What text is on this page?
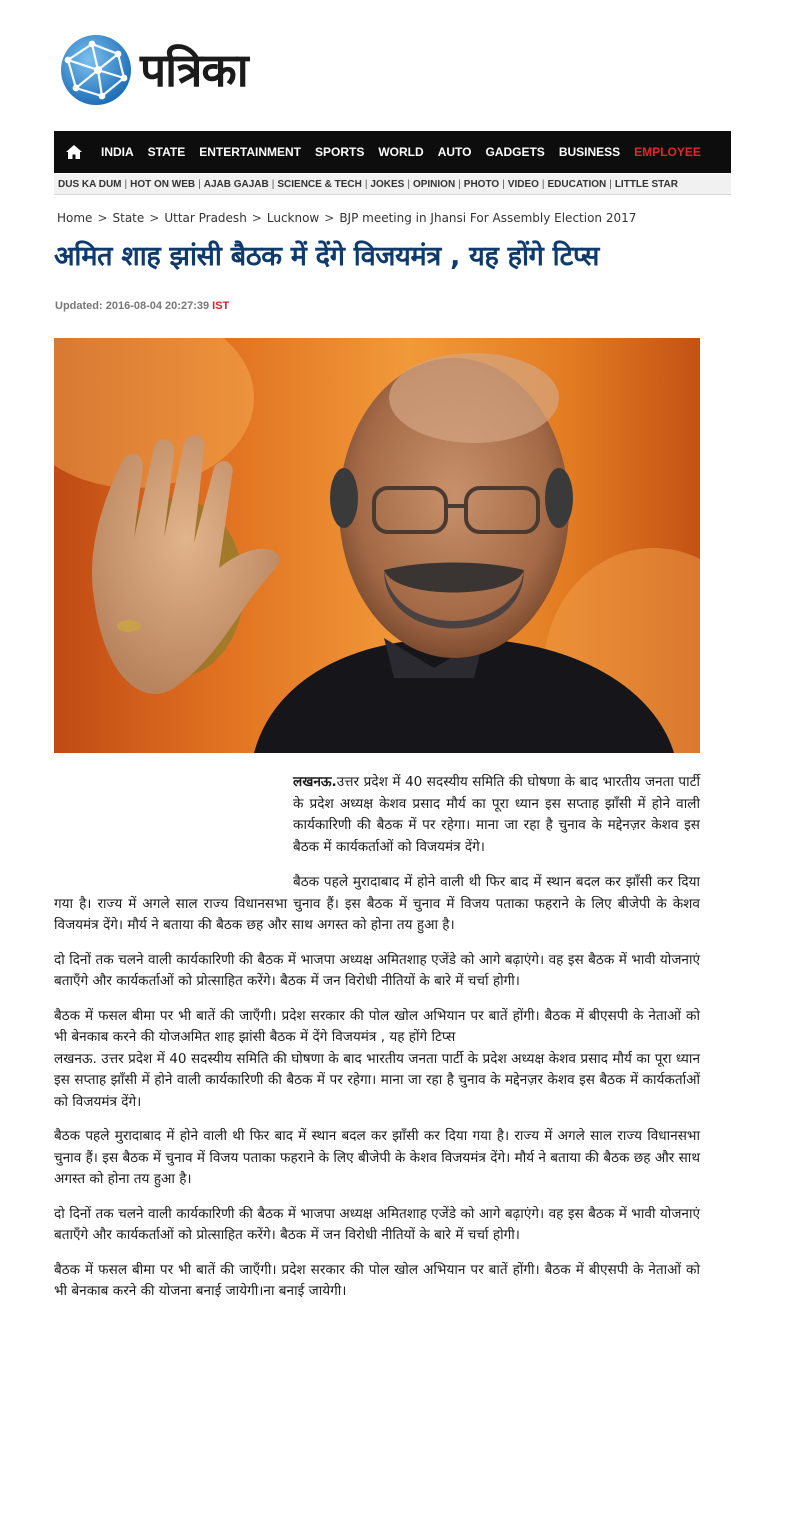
पत्रिका
INDIA	STATE	ENTERTAINMENT	SPORTS	WORLD	AUTO	GADGETS	BUSINESS	EMPLOYEE
DUS KA DUM | HOT ON WEB | AJAB GAJAB | SCIENCE & TECH | JOKES | OPINION | PHOTO | VIDEO | EDUCATION | LITTLE STAR
Home > State > Uttar Pradesh > Lucknow > BJP meeting in Jhansi For Assembly Election 2017
अमित शाह झांसी बैठक में देंगे विजयमंत्र , यह होंगे टिप्स
Updated: 2016-08-04 20:27:39 IST

लखनऊ.उत्तर प्रदेश में 40 सदस्यीय समिति की घोषणा के बाद भारतीय जनता पार्टी के प्रदेश अध्यक्ष केशव प्रसाद मौर्य का पूरा ध्यान इस सप्ताह झाँसी में होने वाली कार्यकारिणी की बैठक में पर रहेगा। माना जा रहा है चुनाव के मद्देनज़र केशव इस बैठक में कार्यकर्ताओं को विजयमंत्र देंगे।

बैठक पहले मुरादाबाद में होने वाली थी फिर बाद में स्थान बदल कर झाँसी कर दिया गया है। राज्य में अगले साल राज्य विधानसभा चुनाव हैं। इस बैठक में चुनाव में विजय पताका फहराने के लिए बीजेपी के केशव विजयमंत्र देंगे। मौर्य ने बताया की बैठक छह और साथ अगस्त को होना तय हुआ है।

दो दिनों तक चलने वाली कार्यकारिणी की बैठक में भाजपा अध्यक्ष अमितशाह एजेंडे को आगे बढ़ाएंगे। वह इस बैठक में भावी योजनाएं बताएँगे और कार्यकर्ताओं को प्रोत्साहित करेंगे। बैठक में जन विरोधी नीतियों के बारे में चर्चा होगी।

बैठक में फसल बीमा पर भी बातें की जाएँगी। प्रदेश सरकार की पोल खोल अभियान पर बातें होंगी। बैठक में बीएसपी के नेताओं को भी बेनकाब करने की योजअमित शाह झांसी बैठक में देंगे विजयमंत्र , यह होंगे टिप्स
लखनऊ. उत्तर प्रदेश में 40 सदस्यीय समिति की घोषणा के बाद भारतीय जनता पार्टी के प्रदेश अध्यक्ष केशव प्रसाद मौर्य का पूरा ध्यान इस सप्ताह झाँसी में होने वाली कार्यकारिणी की बैठक में पर रहेगा। माना जा रहा है चुनाव के मद्देनज़र केशव इस बैठक में कार्यकर्ताओं को विजयमंत्र देंगे।

बैठक पहले मुरादाबाद में होने वाली थी फिर बाद में स्थान बदल कर झाँसी कर दिया गया है। राज्य में अगले साल राज्य विधानसभा चुनाव हैं। इस बैठक में चुनाव में विजय पताका फहराने के लिए बीजेपी के केशव विजयमंत्र देंगे। मौर्य ने बताया की बैठक छह और साथ अगस्त को होना तय हुआ है।

दो दिनों तक चलने वाली कार्यकारिणी की बैठक में भाजपा अध्यक्ष अमितशाह एजेंडे को आगे बढ़ाएंगे। वह इस बैठक में भावी योजनाएं बताएँगे और कार्यकर्ताओं को प्रोत्साहित करेंगे। बैठक में जन विरोधी नीतियों के बारे में चर्चा होगी।

बैठक में फसल बीमा पर भी बातें की जाएँगी। प्रदेश सरकार की पोल खोल अभियान पर बातें होंगी। बैठक में बीएसपी के नेताओं को भी बेनकाब करने की योजना बनाई जायेगी।ना बनाई जायेगी।
